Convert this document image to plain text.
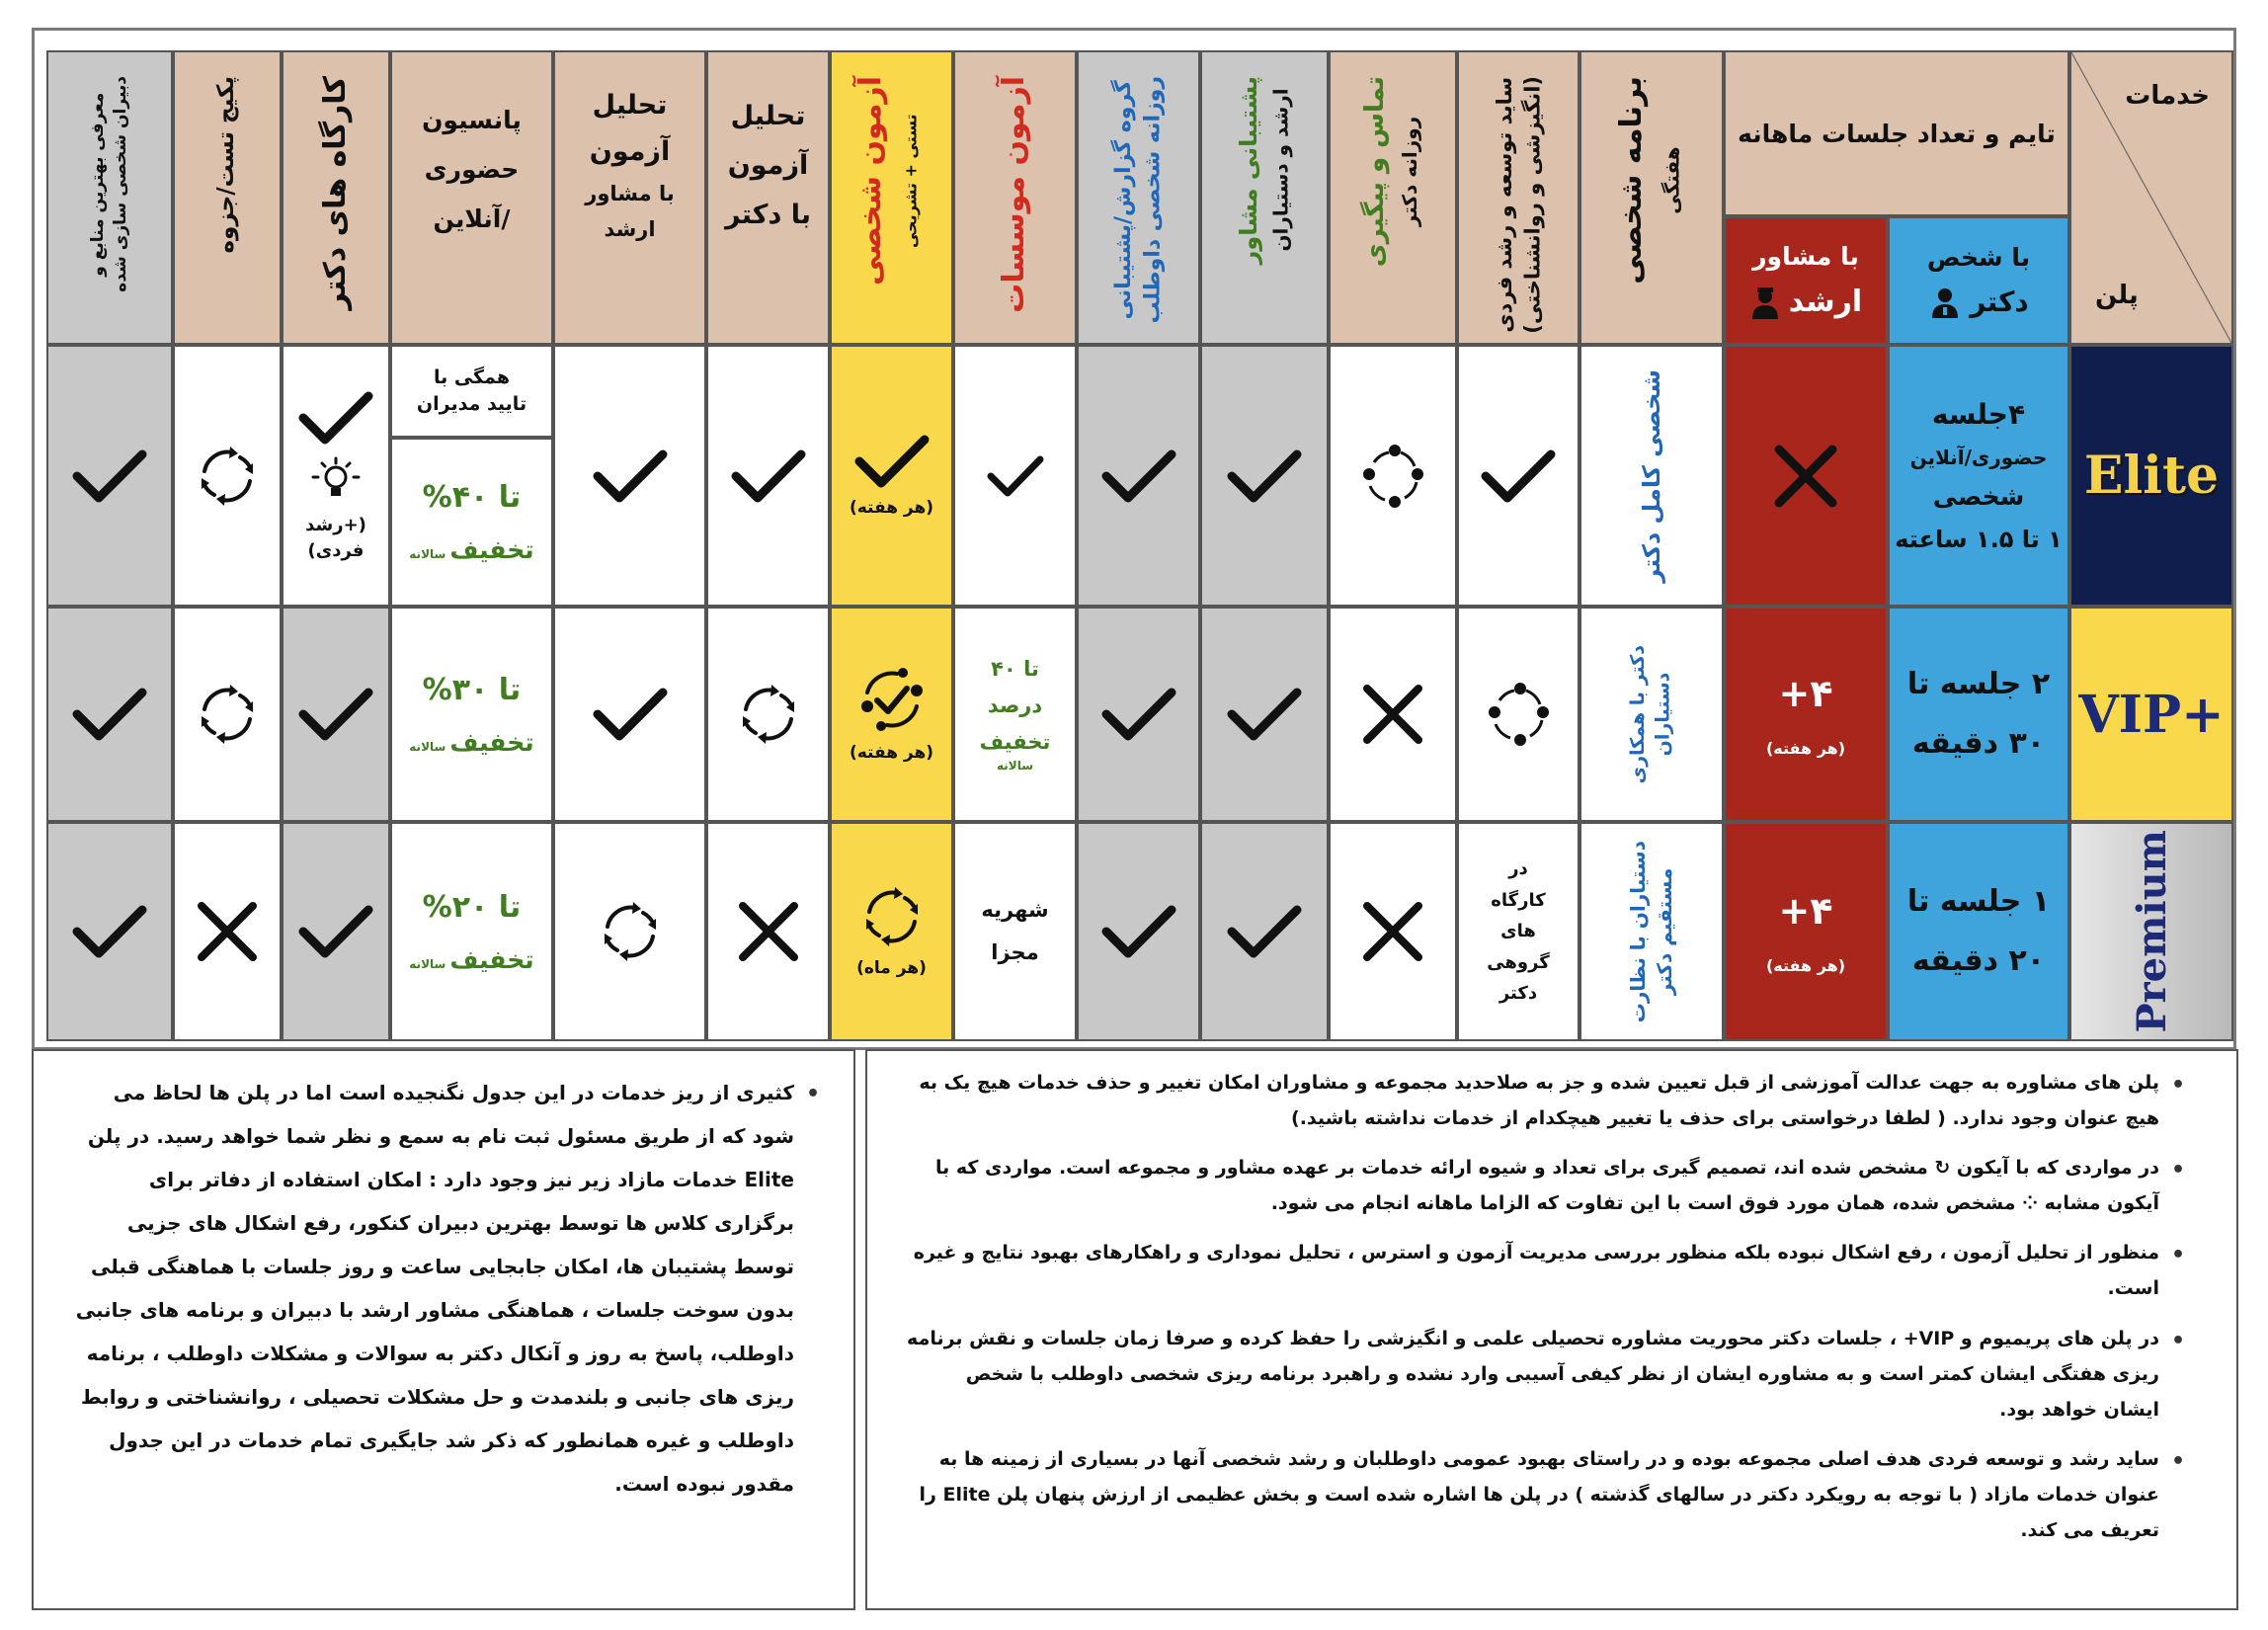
خدمات
پلن
تایم و تعداد جلسات ماهانه
با شخص
دکتر
با مشاور
ارشد
برنامه شخصی هفتگی
ساید توسعه و رشد فردی (انگیزشی و روانشناختی)
تماس و پیگیری روزانه دکتر
پشتیبانی مشاور ارشد و دستیاران
گروه گزارش/پشتیبانی روزانه شخصی داوطلب
آزمون موسسات
آزمون شخصی تستی + تشریحی
تحلیل
آزمون
با دکتر
تحلیل
آزمون
با مشاور
ارشد
پانسیون
حضوری
/آنلاین
کارگاه های دکتر
پکیج تست/جزوه
معرفی بهترین منابع و دبیران شخصی سازی شده
Elite
۴جلسه
حضوری/آنلاین
شخصی
۱ تا ۱.۵ ساعته
شخصی کامل دکتر
(هر هفته)
همگی با
تایید مدیران
تا ۴۰%
تخفیف
سالانه
(+رشد
فردی)
VIP+
۲ جلسه تا
۳۰ دقیقه
۴+
(هر هفته)
دکتر با همکاری دستیاران
تا ۴۰
درصد
تخفیف
سالانه
(هر هفته)
تا ۳۰%
تخفیف
سالانه
Premium
۱ جلسه تا
۲۰ دقیقه
۴+
(هر هفته)
دستیاران با نظارت مستقیم دکتر
در
کارگاه
های
گروهی
دکتر
شهریه
مجزا
(هر ماه)
تا ۲۰%
تخفیف
سالانه
• پلن های مشاوره به جهت عدالت آموزشی از قبل تعیین شده و جز به صلاحدید مجموعه و مشاوران امکان تغییر و حذف خدمات هیچ یک به هیچ عنوان وجود ندارد. ( لطفا درخواستی برای حذف یا تغییر هیچکدام از خدمات نداشته باشید.)
• در مواردی که با آیکون ↻ مشخص شده اند، تصمیم گیری برای تعداد و شیوه ارائه خدمات بر عهده مشاور و مجموعه است. مواردی که با آیکون مشابه ⁘ مشخص شده، همان مورد فوق است با این تفاوت که الزاما ماهانه انجام می شود.
• منظور از تحلیل آزمون ، رفع اشکال نبوده بلکه منظور بررسی مدیریت آزمون و استرس ، تحلیل نموداری و راهکارهای بهبود نتایج و غیره است.
• در پلن های پریمیوم و VIP+ ، جلسات دکتر محوریت مشاوره تحصیلی علمی و انگیزشی را حفظ کرده و صرفا زمان جلسات و نقش برنامه ریزی هفتگی ایشان کمتر است و به مشاوره ایشان از نظر کیفی آسیبی وارد نشده و راهبرد برنامه ریزی شخصی داوطلب با شخص ایشان خواهد بود.
• ساید رشد و توسعه فردی هدف اصلی مجموعه بوده و در راستای بهبود عمومی داوطلبان و رشد شخصی آنها در بسیاری از زمینه ها به عنوان خدمات مازاد ( با توجه به رویکرد دکتر در سالهای گذشته ) در پلن ها اشاره شده است و بخش عظیمی از ارزش پنهان پلن Elite را تعریف می کند.
• کثیری از ریز خدمات در این جدول نگنجیده است اما در پلن ها لحاظ می شود که از طریق مسئول ثبت نام به سمع و نظر شما خواهد رسید. در پلن Elite خدمات مازاد زیر نیز وجود دارد : امکان استفاده از دفاتر برای برگزاری کلاس ها توسط بهترین دبیران کنکور، رفع اشکال های جزیی توسط پشتیبان ها، امکان جابجایی ساعت و روز جلسات با هماهنگی قبلی بدون سوخت جلسات ، هماهنگی مشاور ارشد با دبیران و برنامه های جانبی داوطلب، پاسخ به روز و آنکال دکتر به سوالات و مشکلات داوطلب ، برنامه ریزی های جانبی و بلندمدت و حل مشکلات تحصیلی ، روانشناختی و روابط داوطلب و غیره همانطور که ذکر شد جایگیری تمام خدمات در این جدول مقدور نبوده است.
